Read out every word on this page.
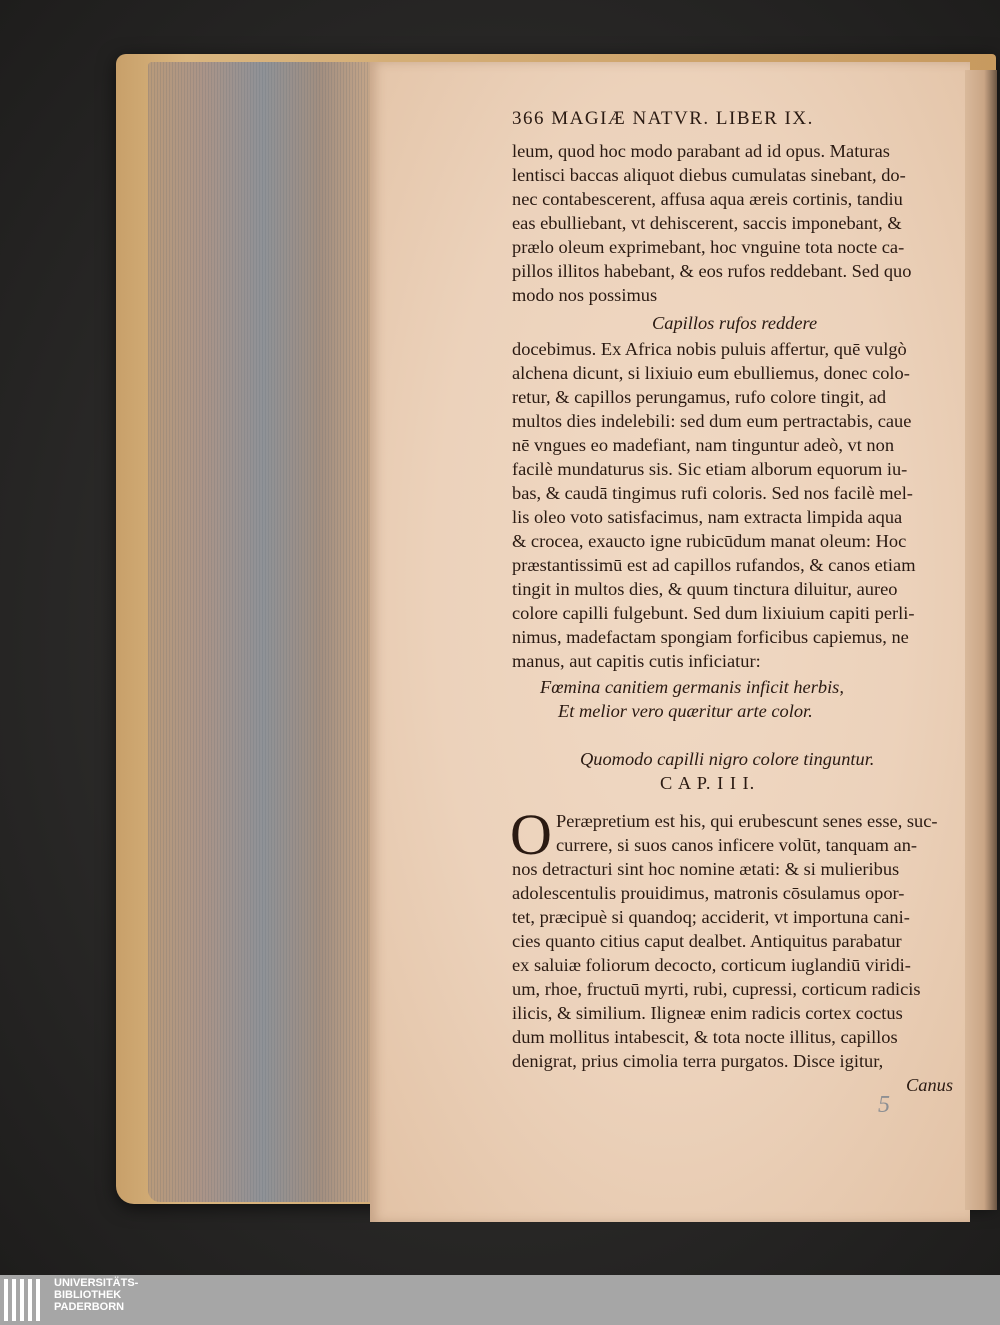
366 MAGIÆ NATVR. LIBER IX.
leum, quod hoc modo parabant ad id opus. Maturas
lentisci baccas aliquot diebus cumulatas sinebant, do-
nec contabescerent, affusa aqua æreis cortinis, tandiu
eas ebulliebant, vt dehiscerent, saccis imponebant, &
prælo oleum exprimebant, hoc vnguine tota nocte ca-
pillos illitos habebant, & eos rufos reddebant. Sed quo
modo nos possimus
Capillos rufos reddere
docebimus. Ex Africa nobis puluis affertur, quē vulgò
alchena dicunt, si lixiuio eum ebulliemus, donec colo-
retur, & capillos perungamus, rufo colore tingit, ad
multos dies indelebili: sed dum eum pertractabis, caue
nē vngues eo madefiant, nam tinguntur adeò, vt non
facilè mundaturus sis. Sic etiam alborum equorum iu-
bas, & caudā tingimus rufi coloris. Sed nos facilè mel-
lis oleo voto satisfacimus, nam extracta limpida aqua
& crocea, exaucto igne rubicūdum manat oleum: Hoc
præstantissimū est ad capillos rufandos, & canos etiam
tingit in multos dies, & quum tinctura diluitur, aureo
colore capilli fulgebunt. Sed dum lixiuium capiti perli-
nimus, madefactam spongiam forficibus capiemus, ne
manus, aut capitis cutis inficiatur:
Fœmina canitiem germanis inficit herbis,
Et melior vero quæritur arte color.
Quomodo capilli nigro colore tinguntur.
C A P. I I I.
O Peræpretium est his, qui erubescunt senes esse, suc-
currere, si suos canos inficere volūt, tanquam an-
nos detracturi sint hoc nomine ætati: & si mulieribus
adolescentulis prouidimus, matronis cōsulamus opor-
tet, præcipuè si quandoq; acciderit, vt importuna cani-
cies quanto citius caput dealbet. Antiquitus parabatur
ex saluiæ foliorum decocto, corticum iuglandiū viridi-
um, rhoe, fructuū myrti, rubi, cupressi, corticum radicis
ilicis, & similium. Iligneæ enim radicis cortex coctus
dum mollitus intabescit, & tota nocte illitus, capillos
denigrat, prius cimolia terra purgatos. Disce igitur,
Canus
5
UNIVERSITÄTS-
BIBLIOTHEK
PADERBORN
